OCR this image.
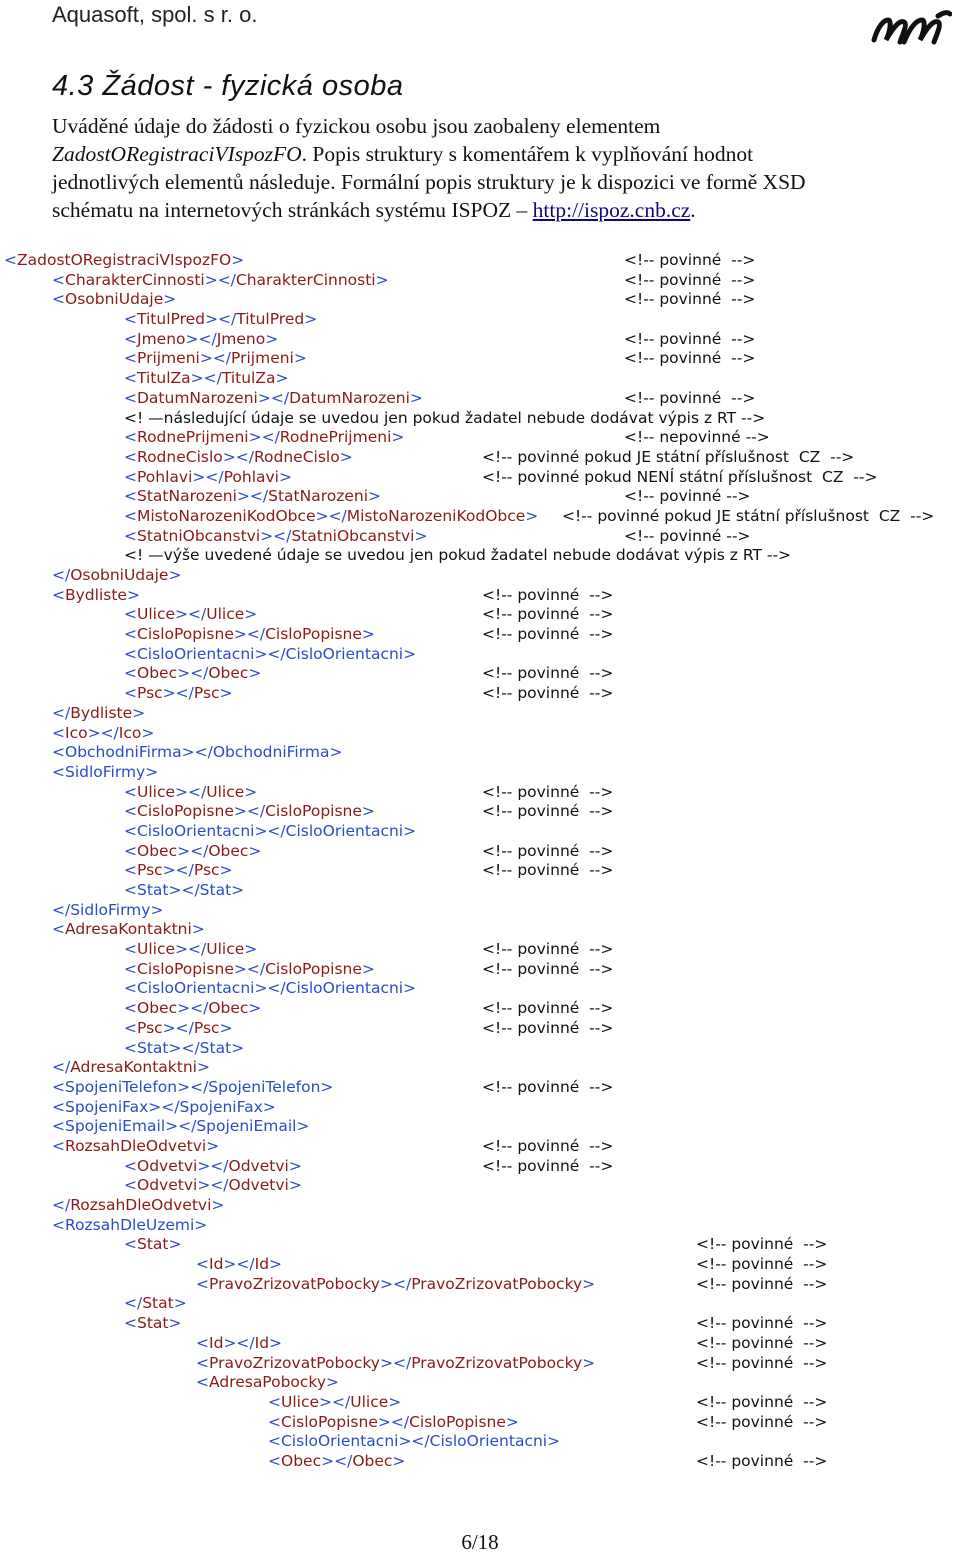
Aquasoft, spol. s r. o.
4.3 Žádost - fyzická osoba
Uváděné údaje do žádosti o fyzickou osobu jsou zaobaleny elementem
ZadostORegistraciVIspozFO. Popis struktury s komentářem k vyplňování hodnot
jednotlivých elementů následuje. Formální popis struktury je k dispozici ve formě XSD
schématu na internetových stránkách systému ISPOZ – http://ispoz.cnb.cz.
<ZadostORegistraciVIspozFO>	<!-- povinné  -->
<CharakterCinnosti></CharakterCinnosti>	<!-- povinné  -->
<OsobniUdaje>	<!-- povinné  -->
<TitulPred></TitulPred>
<Jmeno></Jmeno>	<!-- povinné  -->
<Prijmeni></Prijmeni>	<!-- povinné  -->
<TitulZa></TitulZa>
<DatumNarozeni></DatumNarozeni>	<!-- povinné  -->
<! —následující údaje se uvedou jen pokud žadatel nebude dodávat výpis z RT -->
<RodnePrijmeni></RodnePrijmeni>	<!-- nepovinné -->
<RodneCislo></RodneCislo>	<!-- povinné pokud JE státní příslušnost  CZ  -->
<Pohlavi></Pohlavi>	<!-- povinné pokud NENÍ státní příslušnost  CZ  -->
<StatNarozeni></StatNarozeni>	<!-- povinné -->
<MistoNarozeniKodObce></MistoNarozeniKodObce> <!-- povinné pokud JE státní příslušnost  CZ  -->
<StatniObcanstvi></StatniObcanstvi>	<!-- povinné -->
<! —výše uvedené údaje se uvedou jen pokud žadatel nebude dodávat výpis z RT -->
</OsobniUdaje>
<Bydliste>	<!-- povinné  -->
<Ulice></Ulice>	<!-- povinné  -->
<CisloPopisne></CisloPopisne>	<!-- povinné  -->
<CisloOrientacni></CisloOrientacni>
<Obec></Obec>	<!-- povinné  -->
<Psc></Psc>	<!-- povinné  -->
</Bydliste>
<Ico></Ico>
<ObchodniFirma></ObchodniFirma>
<SidloFirmy>
<Ulice></Ulice>	<!-- povinné  -->
<CisloPopisne></CisloPopisne>	<!-- povinné  -->
<CisloOrientacni></CisloOrientacni>
<Obec></Obec>	<!-- povinné  -->
<Psc></Psc>	<!-- povinné  -->
<Stat></Stat>
</SidloFirmy>
<AdresaKontaktni>
<Ulice></Ulice>	<!-- povinné  -->
<CisloPopisne></CisloPopisne>	<!-- povinné  -->
<CisloOrientacni></CisloOrientacni>
<Obec></Obec>	<!-- povinné  -->
<Psc></Psc>	<!-- povinné  -->
<Stat></Stat>
</AdresaKontaktni>
<SpojeniTelefon></SpojeniTelefon>	<!-- povinné  -->
<SpojeniFax></SpojeniFax>
<SpojeniEmail></SpojeniEmail>
<RozsahDleOdvetvi>	<!-- povinné  -->
<Odvetvi></Odvetvi>	<!-- povinné  -->
<Odvetvi></Odvetvi>
</RozsahDleOdvetvi>
<RozsahDleUzemi>
<Stat>	<!-- povinné  -->
<Id></Id>	<!-- povinné  -->
<PravoZrizovatPobocky></PravoZrizovatPobocky>	<!-- povinné  -->
</Stat>
<Stat>	<!-- povinné  -->
<Id></Id>	<!-- povinné  -->
<PravoZrizovatPobocky></PravoZrizovatPobocky>	<!-- povinné  -->
<AdresaPobocky>
<Ulice></Ulice>	<!-- povinné  -->
<CisloPopisne></CisloPopisne>	<!-- povinné  -->
<CisloOrientacni></CisloOrientacni>
<Obec></Obec>	<!-- povinné  -->
6/18
